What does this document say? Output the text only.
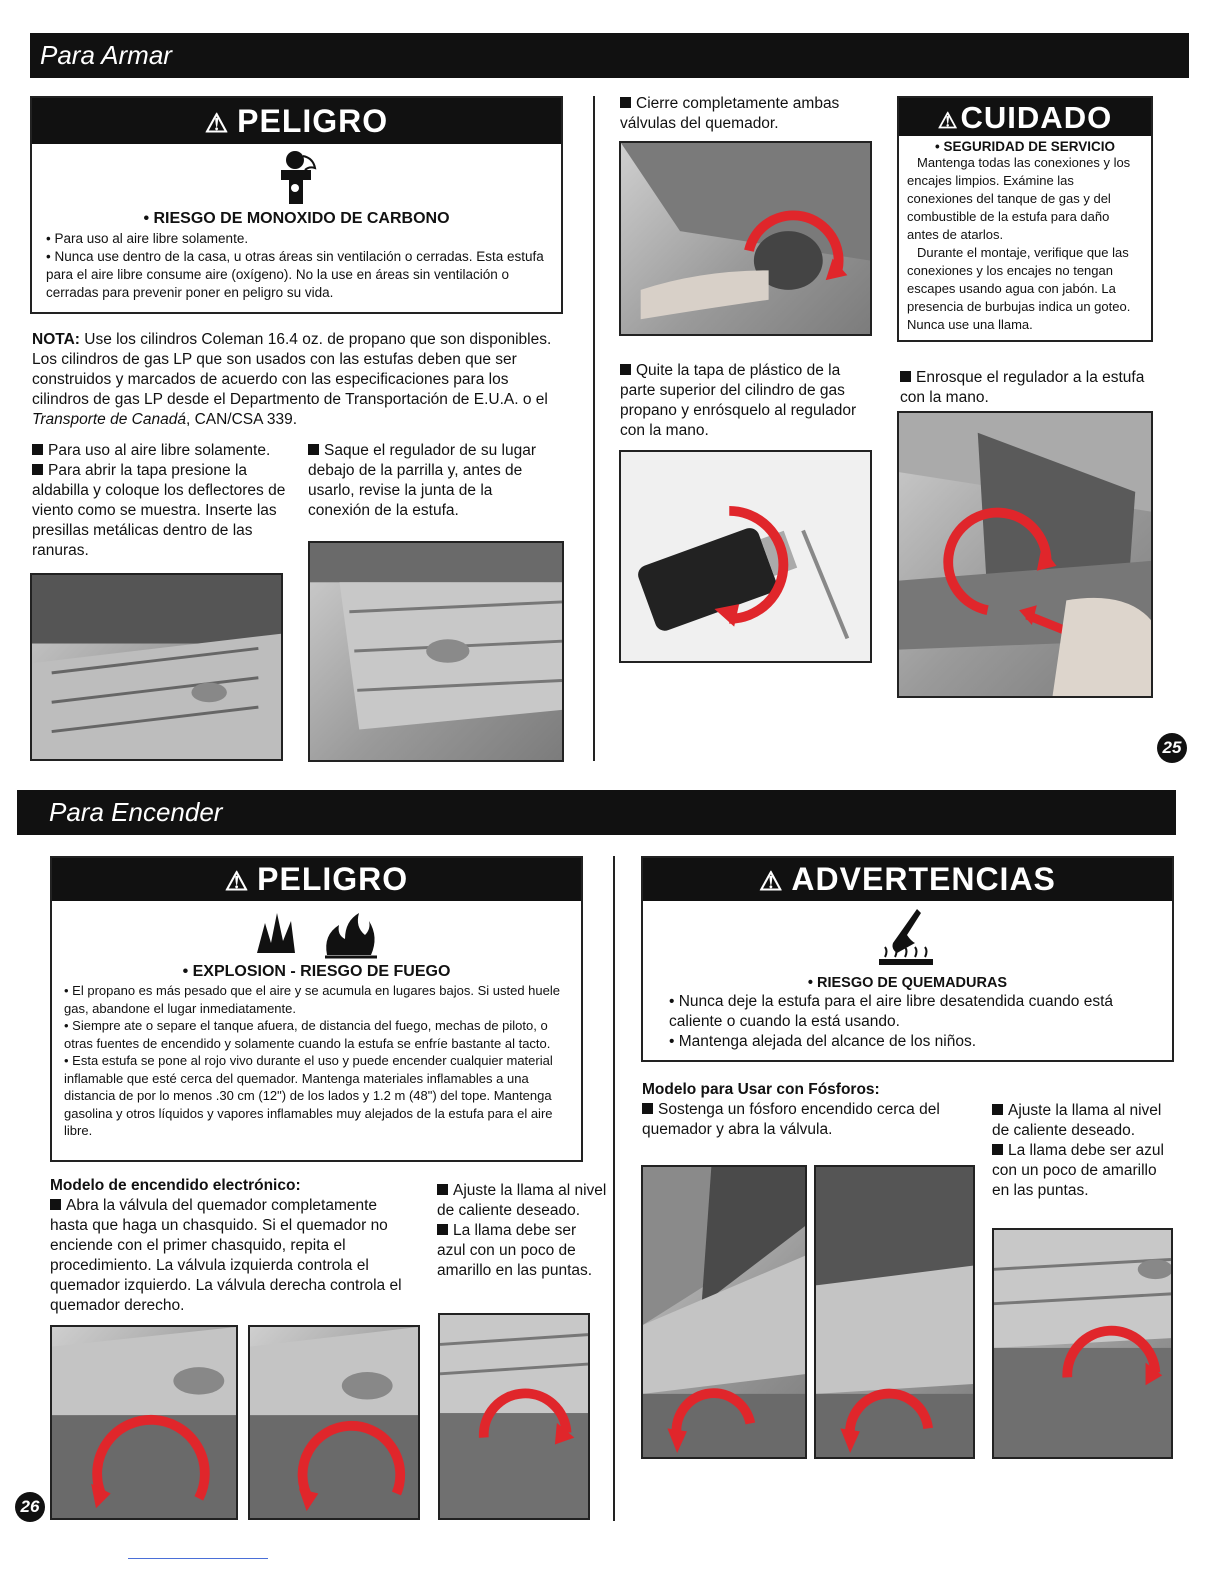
Para Armar
⚠ PELIGRO

• RIESGO DE MONOXIDO DE CARBONO

• Para uso al aire libre solamente.

• Nunca use dentro de la casa, u otras áreas sin ventilación o cerradas. Esta estufa para el aire libre consume aire (oxígeno). No la use en áreas sin ventilación o cerradas para prevenir poner en peligro su vida.

NOTA: Use los cilindros Coleman 16.4 oz. de propano que son disponibles. Los cilindros de gas LP que son usados con las estufas deben que ser construidos y marcados de acuerdo con las especificaciones para los cilindros de gas LP desde el Departmento de Transportación de E.U.A. o el Transporte de Canadá, CAN/CSA 339.

Para uso al aire libre solamente.

Para abrir la tapa presione la aldabilla y coloque los deflectores de viento como se muestra. Inserte las presillas metálicas dentro de las ranuras.

Saque el regulador de su lugar debajo de la parrilla y, antes de usarlo, revise la junta de la conexión de la estufa.

Cierre completamente ambas válvulas del quemador.

Quite la tapa de plástico de la parte superior del cilindro de gas propano y enrósquelo al regulador con la mano.

⚠CUIDADO

• SEGURIDAD DE SERVICIO

Mantenga todas las conexiones y los encajes limpios. Exámine las conexiones del tanque de gas y del combustible de la estufa para daño antes de atarlos.

Durante el montaje, verifique que las conexiones y los encajes no tengan escapes usando agua con jabón. La presencia de burbujas indica un goteo. Nunca use una llama.

Enrosque el regulador a la estufa con la mano.

25
Para Encender
⚠ PELIGRO

• EXPLOSION - RIESGO DE FUEGO

• El propano es más pesado que el aire y se acumula en lugares bajos. Si usted huele gas, abandone el lugar inmediatamente.

• Siempre ate o separe el tanque afuera, de distancia del fuego, mechas de piloto, o otras fuentes de encendido y solamente cuando la estufa se enfríe bastante al tacto.

• Esta estufa se pone al rojo vivo durante el uso y puede encender cualquier material inflamable que esté cerca del quemador. Mantenga materiales inflamables a una distancia de por lo menos .30 cm (12") de los lados y 1.2 m (48") del tope. Mantenga gasolina y otros líquidos y vapores inflamables muy alejados de la estufa para el aire libre.

Modelo de encendido electrónico:

Abra la válvula del quemador completamente hasta que haga un chasquido. Si el quemador no enciende con el primer chasquido, repita el procedimiento. La válvula izquierda controla el quemador izquierdo. La válvula derecha controla el quemador derecho.

Ajuste la llama al nivel de caliente deseado.

La llama debe ser azul con un poco de amarillo en las puntas.

26
⚠ ADVERTENCIAS

• RIESGO DE QUEMADURAS

• Nunca deje la estufa para el aire libre desatendida cuando está caliente o cuando la está usando.

• Mantenga alejada del alcance de los niños.

Modelo para Usar con Fósforos:

Sostenga un fósforo encendido cerca del quemador y abra la válvula.

Ajuste la llama al nivel de caliente deseado.

La llama debe ser azul con un poco de amarillo en las puntas.
